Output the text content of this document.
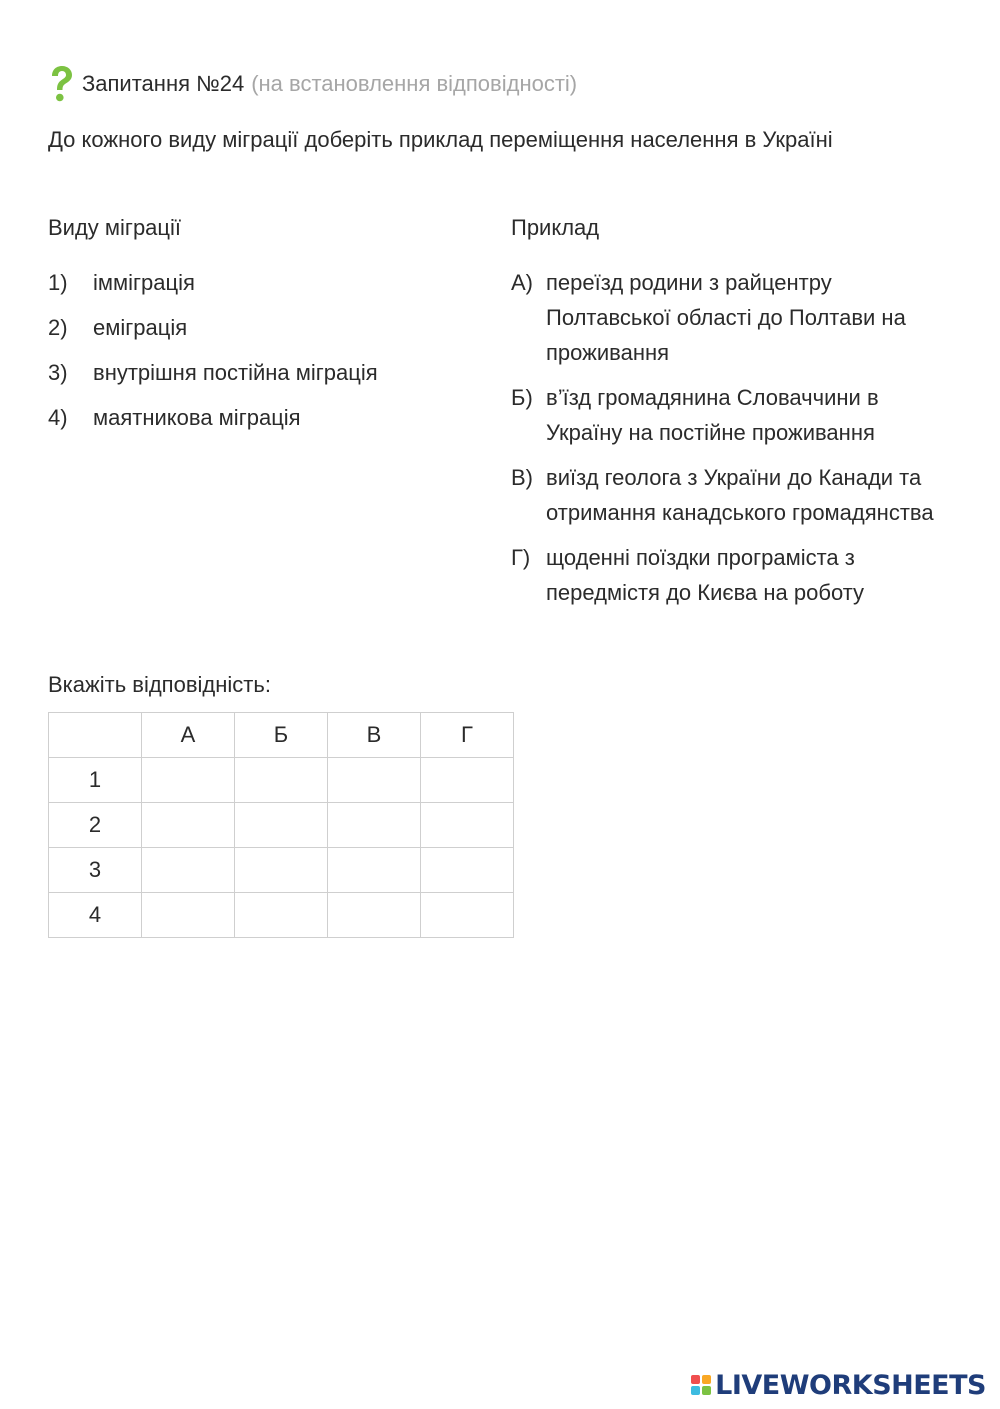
Запитання №24 (на встановлення відповідності)
До кожного виду міграції доберіть приклад переміщення населення в Україні
Виду міграції	Приклад
1)	імміграція
2)	еміграція
3)	внутрішня постійна міграція
4)	маятникова міграція
А) переїзд родини з райцентру Полтавської області до Полтави на проживання
Б) в’їзд громадянина Словаччини в Україну на постійне проживання
В) виїзд геолога з України до Канади та отримання канадського громадянства
Г) щоденні поїздки програміста з передмістя до Києва на роботу
Вкажіть відповідність:
	А	Б	В	Г
1				
2				
3				
4				
LIVEWORKSHEETS
